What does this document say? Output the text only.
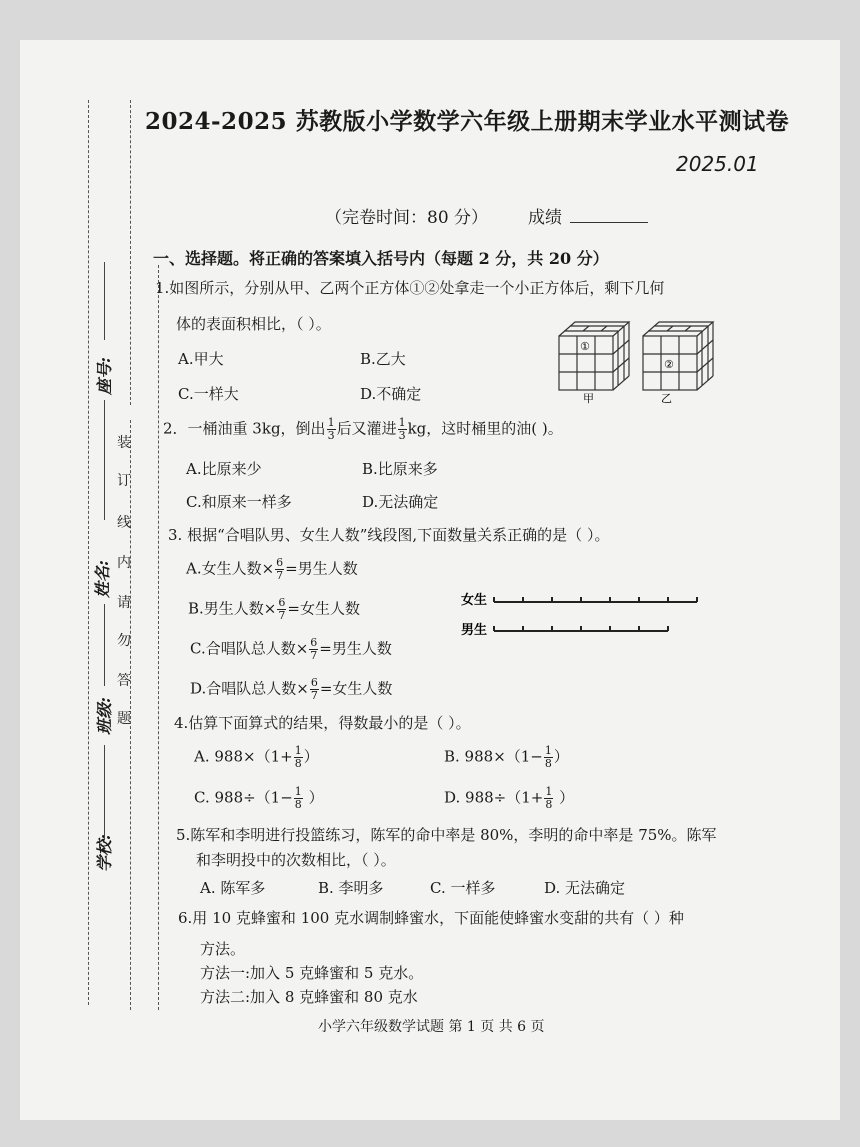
装
订
线
内
请
勿
答
题
座号:
姓名:
班级:
学校:
2024-2025 苏教版小学数学六年级上册期末学业水平测试卷
2025.01
（完卷时间：80 分） 成绩
一、选择题。将正确的答案填入括号内（每题 2 分，共 20 分）
1.如图所示，分别从甲、乙两个正方体①②处拿走一个小正方体后，剩下几何
体的表面积相比，（ ）。
A.甲大	B.乙大
C.一样大	D.不确定
①
甲
②
乙
2．一桶油重 3kg，倒出 $\frac{1}{3}$ 后又灌进 $\frac{1}{3}$ kg，这时桶里的油( )。
A.比原来少	B.比原来多
C.和原来一样多	D.无法确定
3. 根据“合唱队男、女生人数”线段图,下面数量关系正确的是（ ）。
A.女生人数× $\frac{6}{7}$ =男生人数
B.男生人数× $\frac{6}{7}$ =女生人数
C.合唱队总人数× $\frac{6}{7}$ =男生人数
D.合唱队总人数× $\frac{6}{7}$ =女生人数
女生
男生
4.估算下面算式的结果，得数最小的是（ ）。
A. $988\times(1+ \frac{1}{8}$ ）	B. $988\times(1- \frac{1}{8}$ ）
C. $988\div(1- \frac{1}{8}$ ）	D. $988\div(1+ \frac{1}{8}$ ）
5.陈军和李明进行投篮练习，陈军的命中率是 80%，李明的命中率是 75%。陈军
和李明投中的次数相比，（ ）。
A. 陈军多	B. 李明多	C. 一样多	D. 无法确定
6.用 10 克蜂蜜和 100 克水调制蜂蜜水，下面能使蜂蜜水变甜的共有（ ）种
方法。
方法一:加入 5 克蜂蜜和 5 克水。
方法二:加入 8 克蜂蜜和 80 克水
小学六年级数学试题 第 1 页 共 6 页
